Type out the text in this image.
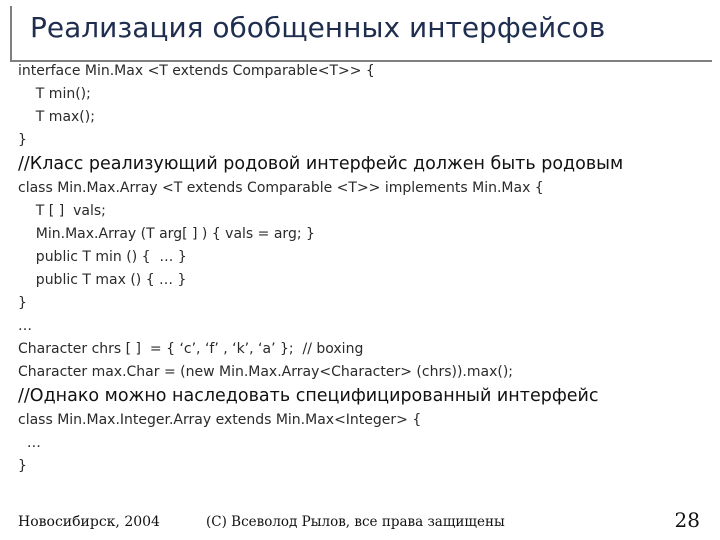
Реализация обобщенных интерфейсов
interface Min.Max <T extends Comparable<T>> {
T min();
T max();
}
//Класс реализующий родовой интерфейс должен быть родовым
class Min.Max.Array <T extends Comparable <T>> implements Min.Max {
T [ ]  vals;
Min.Max.Array (T arg[ ] ) { vals = arg; }
public T min () {  … }
public T max () { … }
}
…
Character chrs [ ]  = { ‘c’, ‘f’ , ‘k’, ‘a’ };  // boxing
Character max.Char = (new Min.Max.Array<Character> (chrs)).max();
//Однако можно наследовать специфицированный интерфейс
class Min.Max.Integer.Array extends Min.Max<Integer> {
…
}
Новосибирск, 2004	(С) Всеволод Рылов, все права защищены	28
